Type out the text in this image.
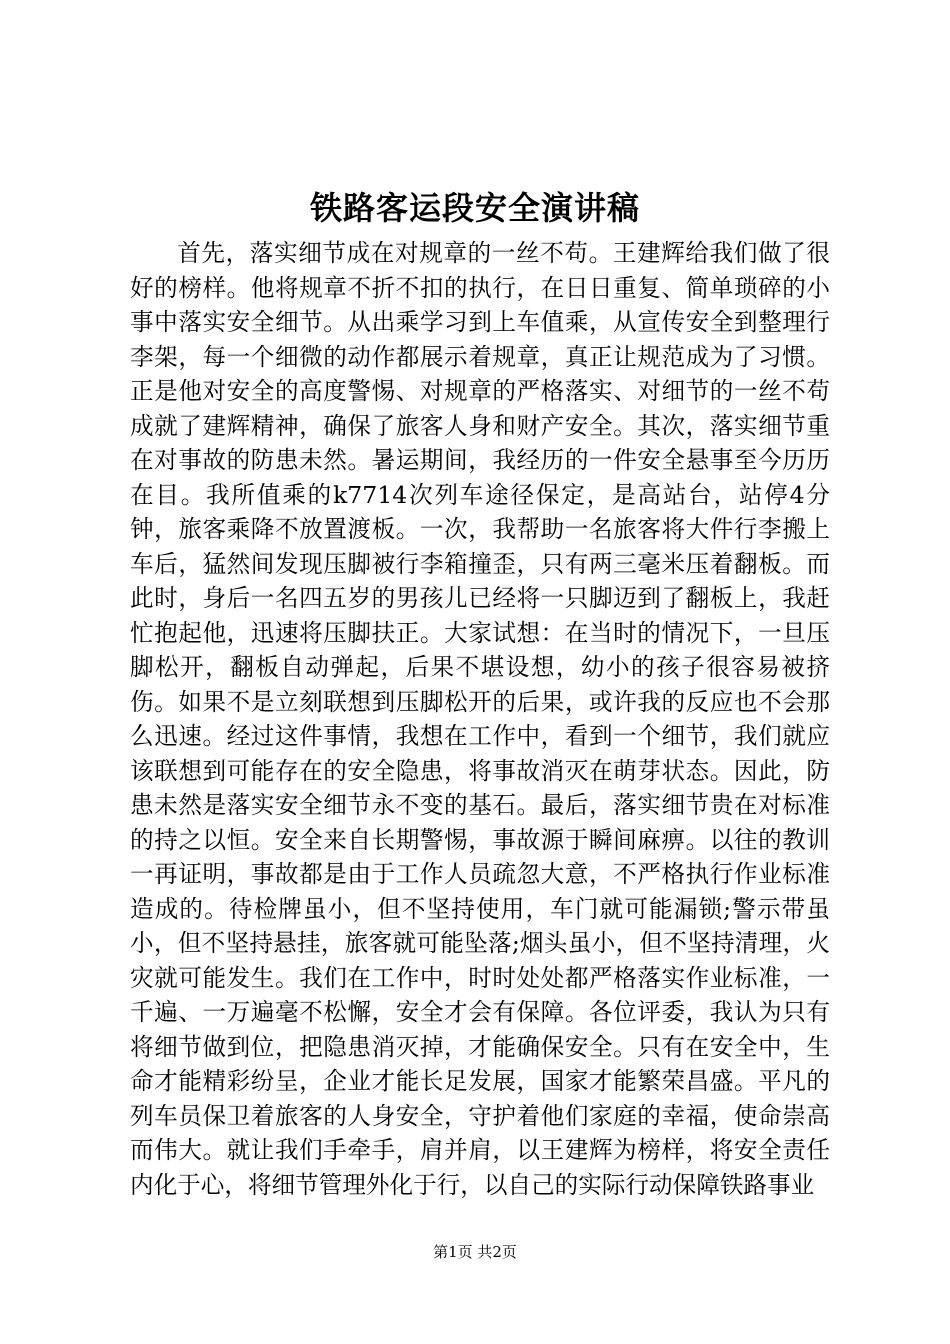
铁路客运段安全演讲稿

首先，落实细节成在对规章的一丝不苟。王建辉给我们做了很好的榜样。他将规章不折不扣的执行，在日日重复、简单琐碎的小事中落实安全细节。从出乘学习到上车值乘，从宣传安全到整理行李架，每一个细微的动作都展示着规章，真正让规范成为了习惯。正是他对安全的高度警惕、对规章的严格落实、对细节的一丝不苟成就了建辉精神，确保了旅客人身和财产安全。其次，落实细节重在对事故的防患未然。暑运期间，我经历的一件安全悬事至今历历在目。我所值乘的k7714次列车途径保定，是高站台，站停4分钟，旅客乘降不放置渡板。一次，我帮助一名旅客将大件行李搬上车后，猛然间发现压脚被行李箱撞歪，只有两三毫米压着翻板。而此时，身后一名四五岁的男孩儿已经将一只脚迈到了翻板上，我赶忙抱起他，迅速将压脚扶正。大家试想：在当时的情况下，一旦压脚松开，翻板自动弹起，后果不堪设想，幼小的孩子很容易被挤伤。如果不是立刻联想到压脚松开的后果，或许我的反应也不会那么迅速。经过这件事情，我想在工作中，看到一个细节，我们就应该联想到可能存在的安全隐患，将事故消灭在萌芽状态。因此，防患未然是落实安全细节永不变的基石。最后，落实细节贵在对标准的持之以恒。安全来自长期警惕，事故源于瞬间麻痹。以往的教训一再证明，事故都是由于工作人员疏忽大意，不严格执行作业标准造成的。待检牌虽小，但不坚持使用，车门就可能漏锁;警示带虽小，但不坚持悬挂，旅客就可能坠落;烟头虽小，但不坚持清理，火灾就可能发生。我们在工作中，时时处处都严格落实作业标准，一千遍、一万遍毫不松懈，安全才会有保障。各位评委，我认为只有将细节做到位，把隐患消灭掉，才能确保安全。只有在安全中，生命才能精彩纷呈，企业才能长足发展，国家才能繁荣昌盛。平凡的列车员保卫着旅客的人身安全，守护着他们家庭的幸福，使命崇高而伟大。就让我们手牵手，肩并肩，以王建辉为榜样，将安全责任内化于心，将细节管理外化于行，以自己的实际行动保障铁路事业

第1页 共2页
